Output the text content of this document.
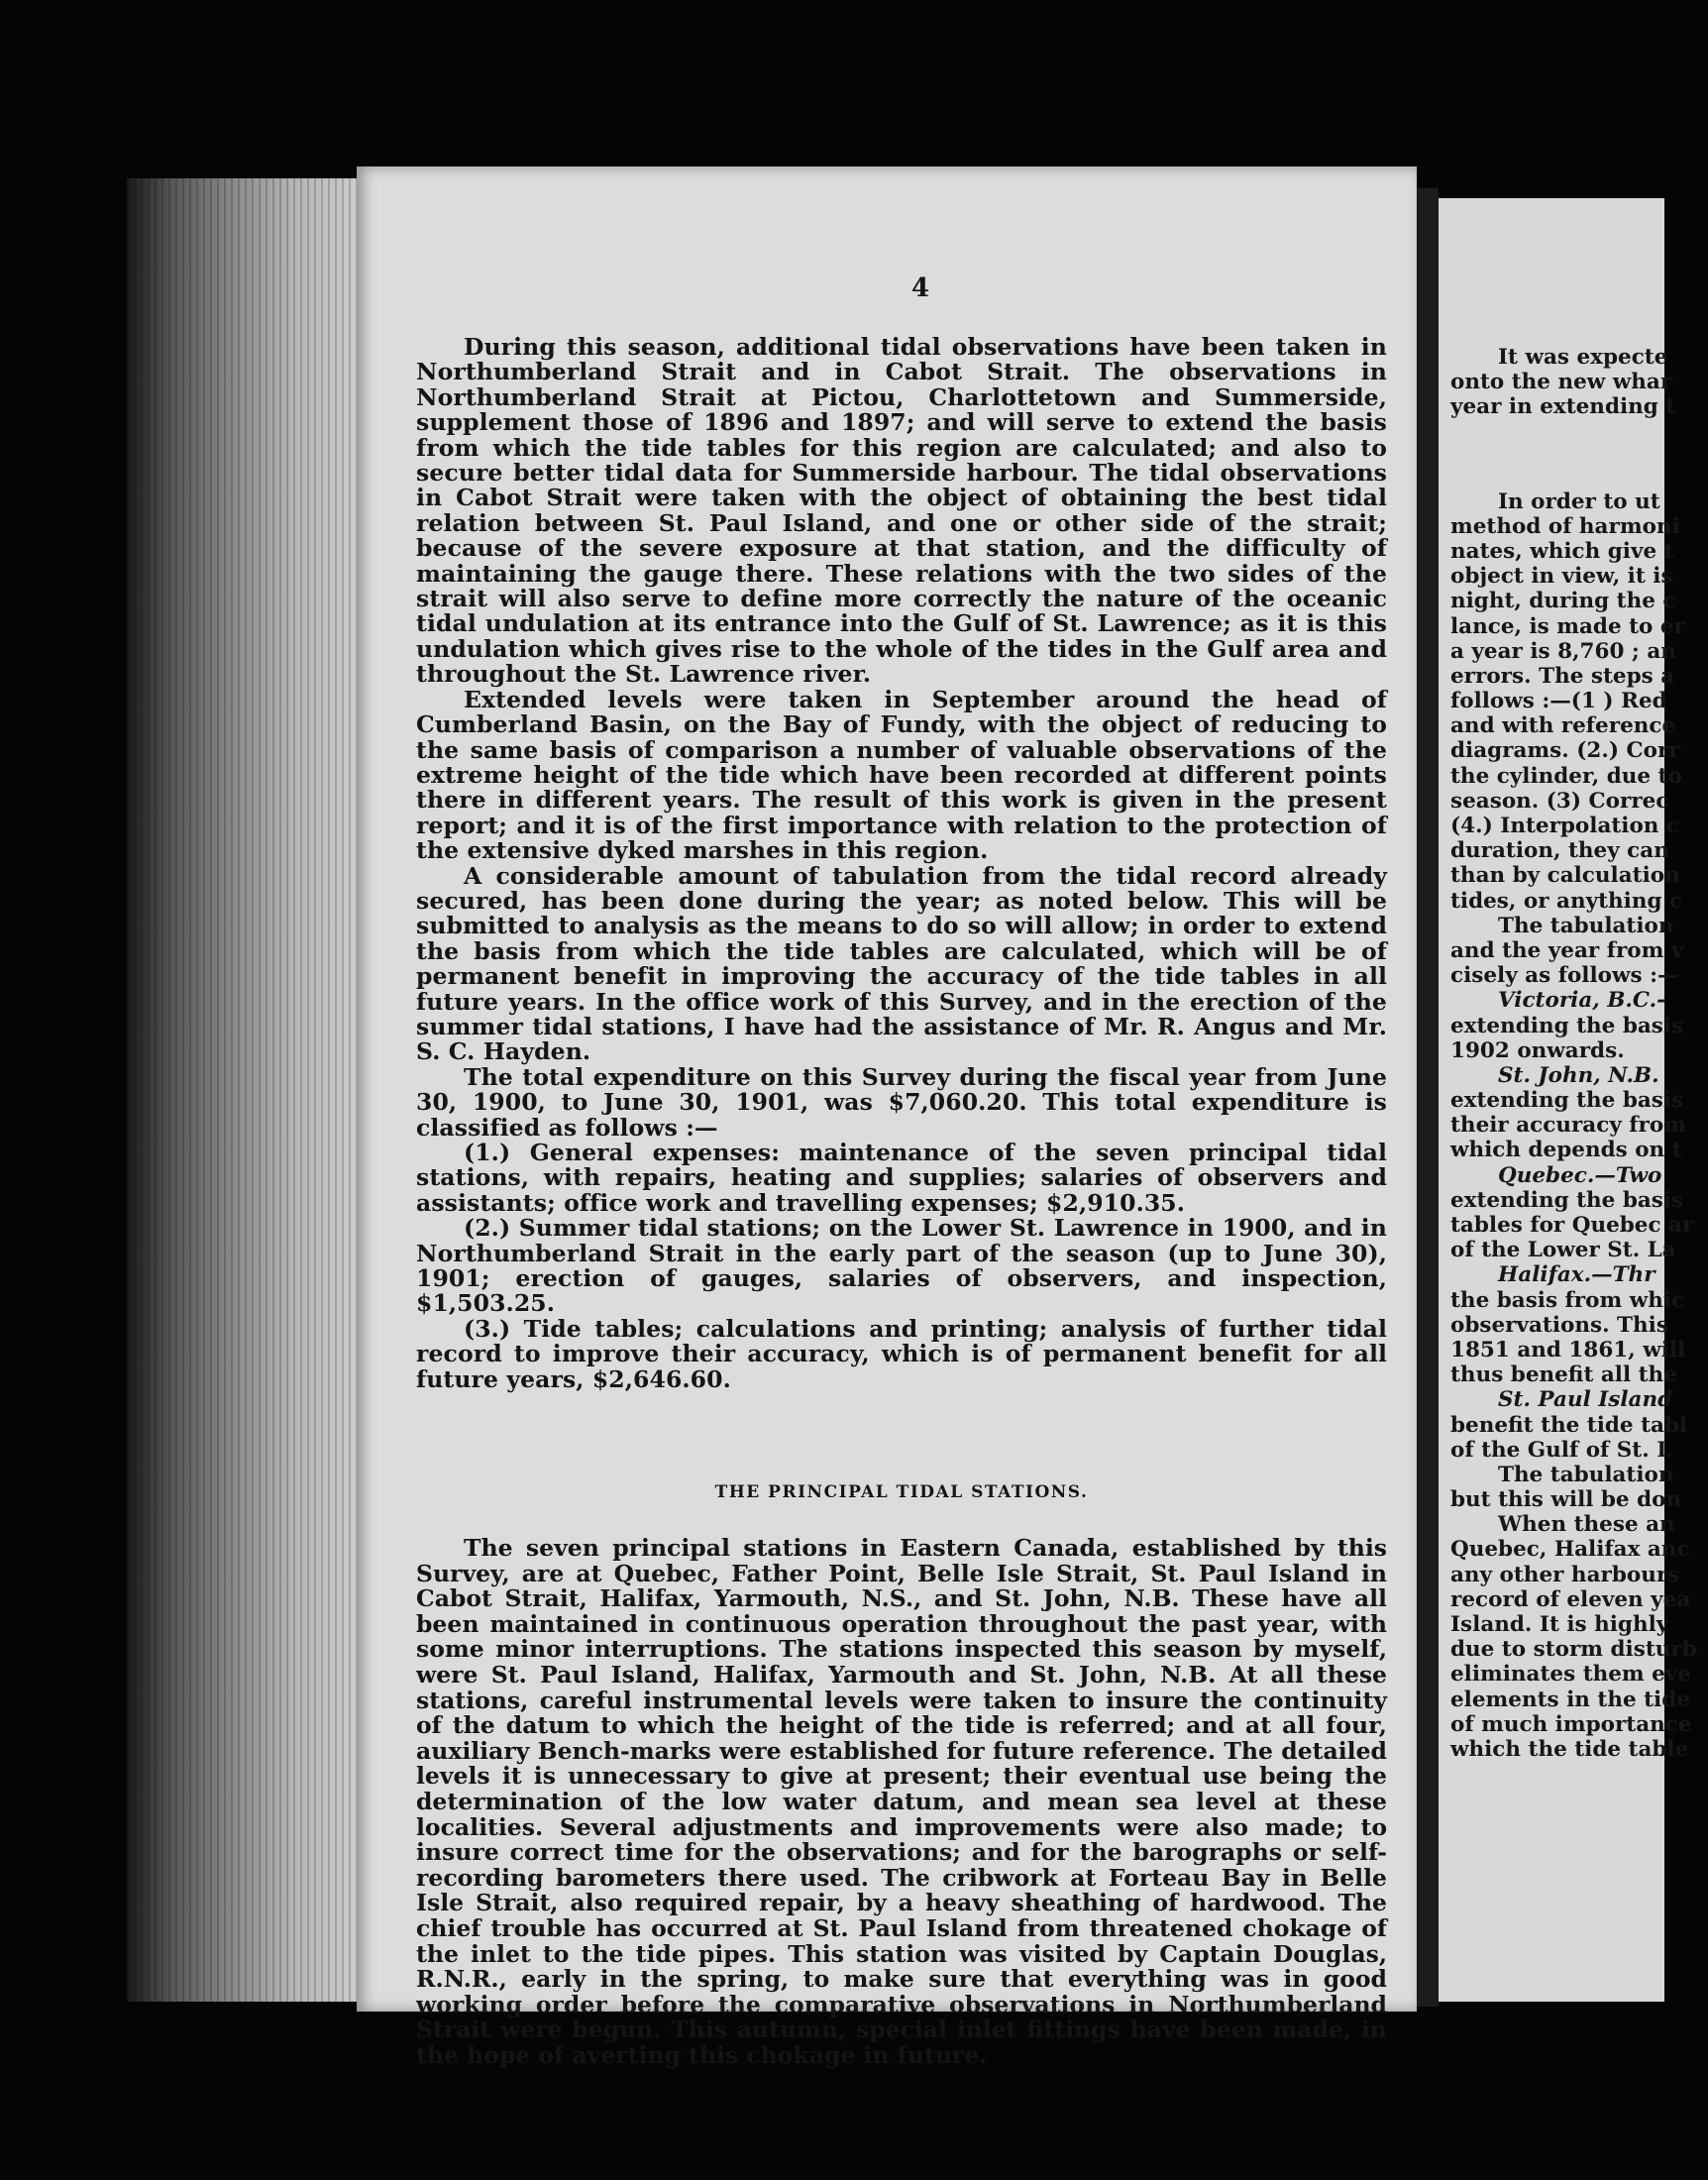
4

During this season, additional tidal observations have been taken in Northumberland Strait and in Cabot Strait. The observations in Northumberland Strait at Pictou, Charlottetown and Summerside, supplement those of 1896 and 1897; and will serve to extend the basis from which the tide tables for this region are calculated; and also to secure better tidal data for Summerside harbour. The tidal observations in Cabot Strait were taken with the object of obtaining the best tidal relation between St. Paul Island, and one or other side of the strait; because of the severe exposure at that station, and the difficulty of maintaining the gauge there. These relations with the two sides of the strait will also serve to define more correctly the nature of the oceanic tidal undulation at its entrance into the Gulf of St. Lawrence; as it is this undulation which gives rise to the whole of the tides in the Gulf area and throughout the St. Lawrence river.

Extended levels were taken in September around the head of Cumberland Basin, on the Bay of Fundy, with the object of reducing to the same basis of comparison a number of valuable observations of the extreme height of the tide which have been recorded at different points there in different years. The result of this work is given in the present report; and it is of the first importance with relation to the protection of the extensive dyked marshes in this region.

A considerable amount of tabulation from the tidal record already secured, has been done during the year; as noted below. This will be submitted to analysis as the means to do so will allow; in order to extend the basis from which the tide tables are calculated, which will be of permanent benefit in improving the accuracy of the tide tables in all future years. In the office work of this Survey, and in the erection of the summer tidal stations, I have had the assistance of Mr. R. Angus and Mr. S. C. Hayden.

The total expenditure on this Survey during the fiscal year from June 30, 1900, to June 30, 1901, was $7,060.20. This total expenditure is classified as follows :—

(1.) General expenses: maintenance of the seven principal tidal stations, with repairs, heating and supplies; salaries of observers and assistants; office work and travelling expenses; $2,910.35.

(2.) Summer tidal stations; on the Lower St. Lawrence in 1900, and in Northumberland Strait in the early part of the season (up to June 30), 1901; erection of gauges, salaries of observers, and inspection, $1,503.25.

(3.) Tide tables; calculations and printing; analysis of further tidal record to improve their accuracy, which is of permanent benefit for all future years, $2,646.60.

THE PRINCIPAL TIDAL STATIONS.

The seven principal stations in Eastern Canada, established by this Survey, are at Quebec, Father Point, Belle Isle Strait, St. Paul Island in Cabot Strait, Halifax, Yarmouth, N.S., and St. John, N.B. These have all been maintained in continuous operation throughout the past year, with some minor interruptions. The stations inspected this season by myself, were St. Paul Island, Halifax, Yarmouth and St. John, N.B. At all these stations, careful instrumental levels were taken to insure the continuity of the datum to which the height of the tide is referred; and at all four, auxiliary Bench-marks were established for future reference. The detailed levels it is unnecessary to give at present; their eventual use being the determination of the low water datum, and mean sea level at these localities. Several adjustments and improvements were also made; to insure correct time for the observations; and for the barographs or self-recording barometers there used. The cribwork at Forteau Bay in Belle Isle Strait, also required repair, by a heavy sheathing of hardwood. The chief trouble has occurred at St. Paul Island from threatened chokage of the inlet to the tide pipes. This station was visited by Captain Douglas, R.N.R., early in the spring, to make sure that everything was in good working order before the comparative observations in Northumberland Strait were begun. This autumn, special inlet fittings have been made, in the hope of averting this chokage in future.

It was expecte
onto the new whar
year in extending t
In order to ut
method of harmoni
nates, which give t
object in view, it is
night, during the c
lance, is made to er
a year is 8,760 ; an
errors. The steps a
follows :—(1 ) Red
and with reference
diagrams. (2.) Corr
the cylinder, due to
season. (3) Correc
(4.) Interpolation c
duration, they can
than by calculation
tides, or anything c
The tabulation
and the year from v
cisely as follows :—
Victoria, B.C.-
extending the basis
1902 onwards.
St. John, N.B.
extending the basis
their accuracy from
which depends on t
Quebec.—Two
extending the basis
tables for Quebec ar
of the Lower St. La
Halifax.—Thr
the basis from whic
observations. This
1851 and 1861, will
thus benefit all the
St. Paul Island
benefit the tide tabl
of the Gulf of St. L
The tabulation
but this will be don
When these an
Quebec, Halifax anc
any other harbours
record of eleven yea
Island. It is highly
due to storm disturb
eliminates them eve
elements in the tide
of much importance
which the tide table
